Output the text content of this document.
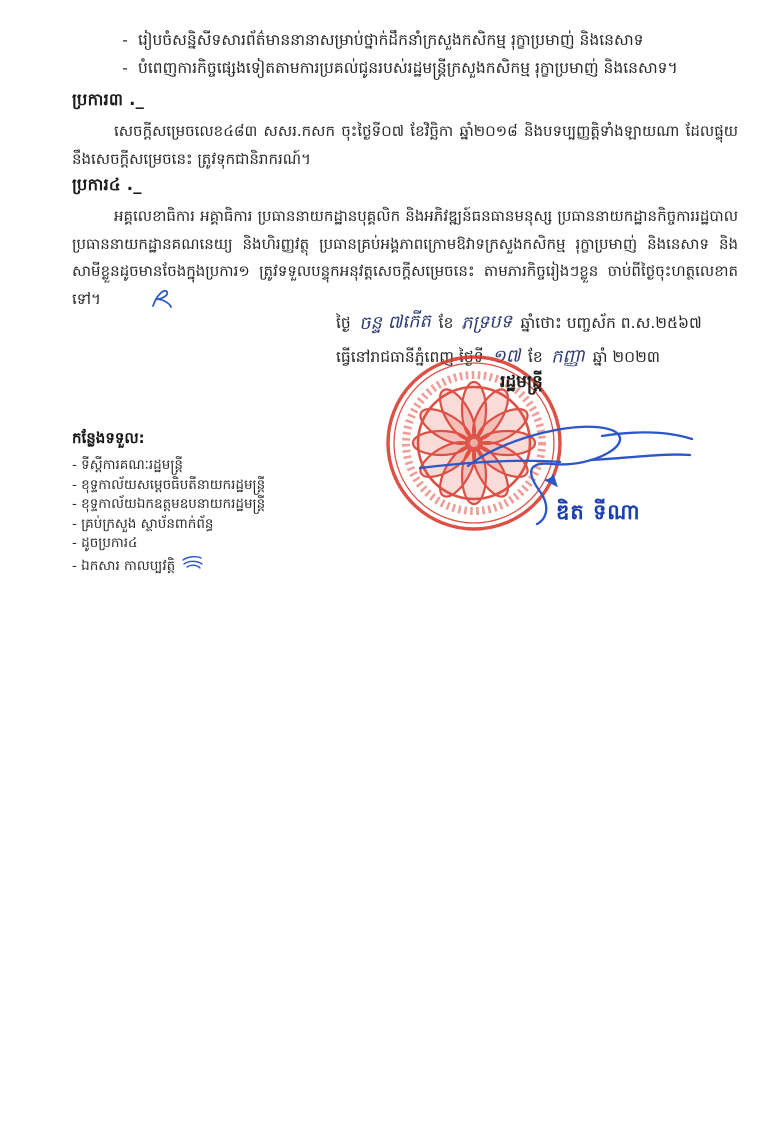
- រៀបចំសន្និសីទសារព័ត៌មាននានាសម្រាប់ថ្នាក់ដឹកនាំក្រសួងកសិកម្ម រុក្ខាប្រមាញ់ និងនេសាទ
- បំពេញការកិច្ចផ្សេងទៀតតាមការប្រគល់ជូនរបស់រដ្ឋមន្ត្រីក្រសួងកសិកម្ម រុក្ខាប្រមាញ់ និងនេសាទ។
ប្រការ៣ ._
សេចក្តីសម្រេចលេខ៤៨៣ សសរ.កសក ចុះថ្ងៃទី០៧ ខែវិច្ឆិកា ឆ្នាំ២០១៨ និងបទប្បញ្ញត្តិទាំងឡាយណា ដែលផ្ទុយនឹងសេចក្តីសម្រេចនេះ ត្រូវទុកជានិរាករណ៍។
ប្រការ៤ ._
អគ្គលេខាធិការ អគ្គាធិការ ប្រធាននាយកដ្ឋានបុគ្គលិក និងអភិវឌ្ឍន៍ធនធានមនុស្ស ប្រធាននាយកដ្ឋានកិច្ចការរដ្ឋបាល ប្រធាននាយកដ្ឋានគណនេយ្យ និងហិរញ្ញវត្ថុ ប្រធានគ្រប់អង្គភាពក្រោមឱវាទក្រសួងកសិកម្ម រុក្ខាប្រមាញ់ និងនេសាទ និងសាមីខ្លួនដូចមានចែងក្នុងប្រការ១ ត្រូវទទួលបន្ទុកអនុវត្តសេចក្តីសម្រេចនេះ តាមភារកិច្ចរៀងៗខ្លួន ចាប់ពីថ្ងៃចុះហត្ថលេខាតទៅ។
ថ្ងៃ ចន្ទ ៧កើត ខែ ភទ្របទ ឆ្នាំថោះ បញ្ចស័ក ព.ស.២៥៦៧
ធ្វើនៅរាជធានីភ្នំពេញ ថ្ងៃទី ១៧ ខែ កញ្ញា ឆ្នាំ ២០២៣
រដ្ឋមន្ត្រី
ឌិត ទីណា
កន្លែងទទួល:
- ទីស្តីការគណៈរដ្ឋមន្ត្រី
- ខុទ្ទកាល័យសម្តេចធិបតីនាយករដ្ឋមន្ត្រី
- ខុទ្ទកាល័យឯកឧត្តមឧបនាយករដ្ឋមន្ត្រី
- គ្រប់ក្រសួង ស្ថាប័នពាក់ព័ន្ធ
- ដូចប្រការ៤
- ឯកសារ កាលប្បវត្តិ
